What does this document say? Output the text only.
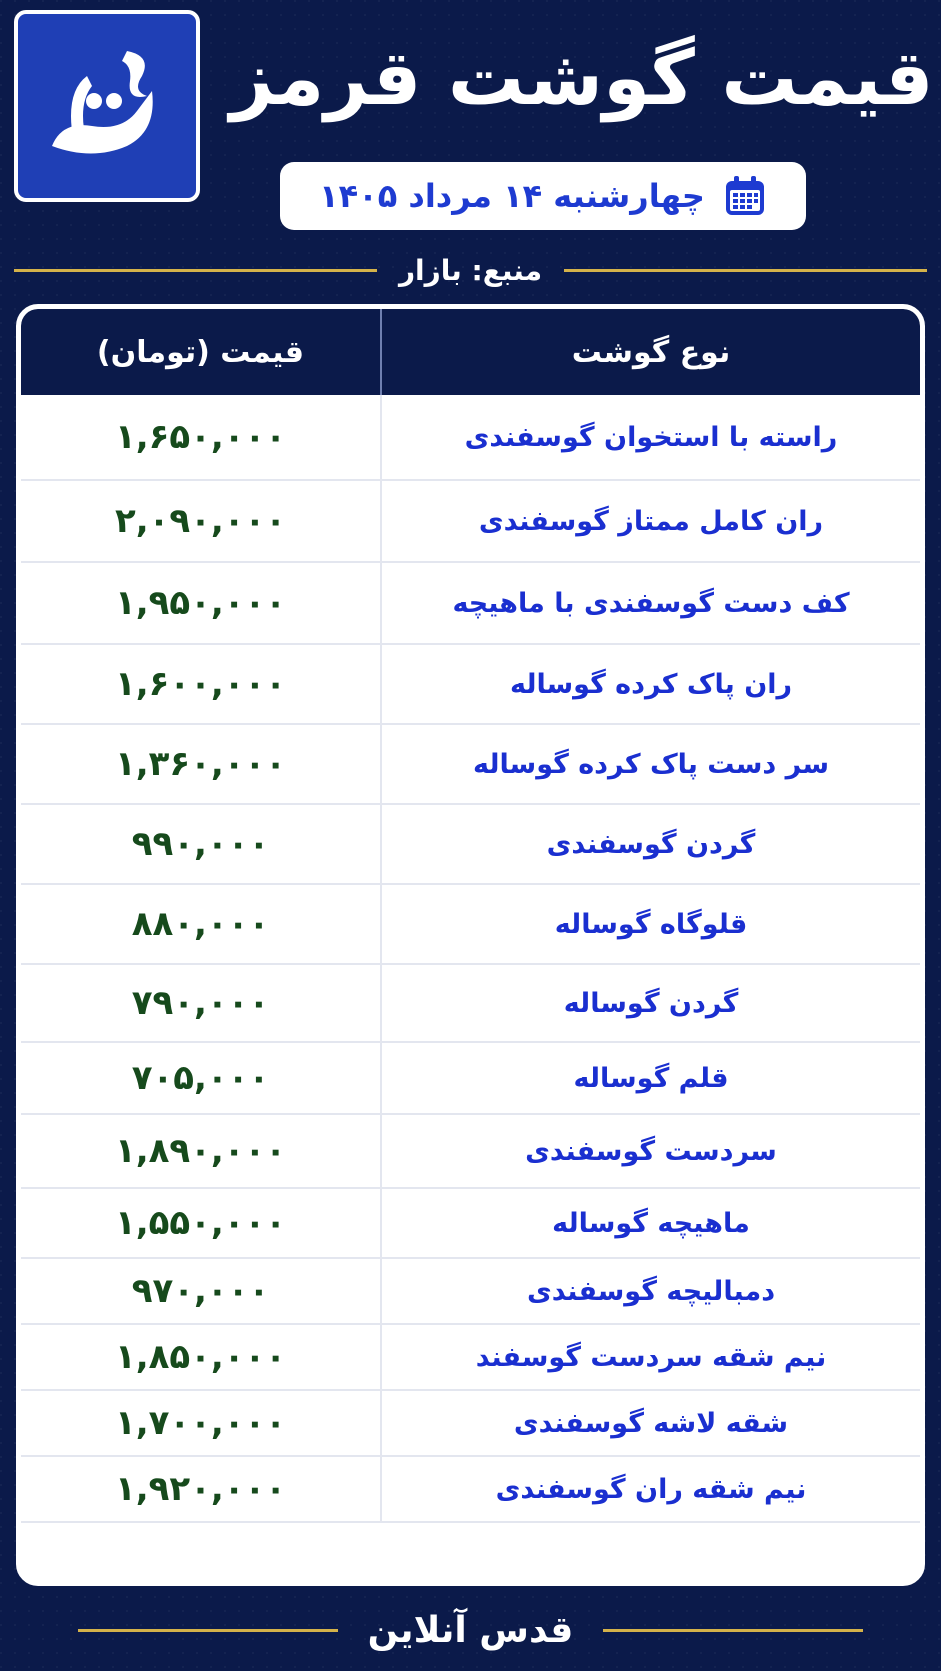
قیمت گوشت قرمز
چهارشنبه ۱۴ مرداد ۱۴۰۵
منبع: بازار
نوع گوشت
قیمت (تومان)
راسته با استخوان گوسفندی
۱,۶۵۰,۰۰۰
ران کامل ممتاز گوسفندی
۲,۰۹۰,۰۰۰
کف دست گوسفندی با ماهیچه
۱,۹۵۰,۰۰۰
ران پاک کرده گوساله
۱,۶۰۰,۰۰۰
سر دست پاک کرده گوساله
۱,۳۶۰,۰۰۰
گردن گوسفندی
۹۹۰,۰۰۰
قلوگاه گوساله
۸۸۰,۰۰۰
گردن گوساله
۷۹۰,۰۰۰
قلم گوساله
۷۰۵,۰۰۰
سردست گوسفندی
۱,۸۹۰,۰۰۰
ماهیچه گوساله
۱,۵۵۰,۰۰۰
دمبالیچه گوسفندی
۹۷۰,۰۰۰
نیم شقه سردست گوسفند
۱,۸۵۰,۰۰۰
شقه لاشه گوسفندی
۱,۷۰۰,۰۰۰
نیم شقه ران گوسفندی
۱,۹۲۰,۰۰۰
قدس آنلاین
